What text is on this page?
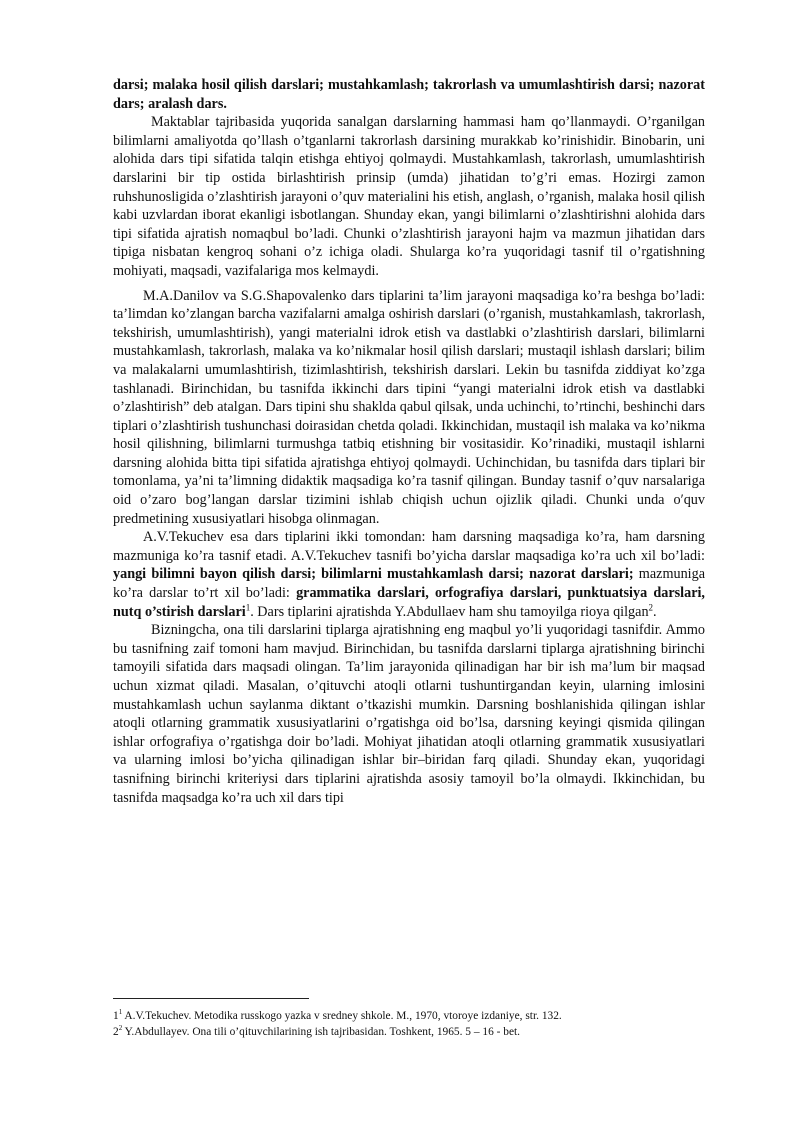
darsi; malaka hosil qilish darslari; mustahkamlash; takrorlash va umumlashtirish darsi; nazorat dars; aralash dars.

Maktablar tajribasida yuqorida sanalgan darslarning hammasi ham qo’llanmaydi. O’rganilgan bilimlarni amaliyotda qo’llash o’tganlarni takrorlash darsining murakkab ko’rinishidir. Binobarin, uni alohida dars tipi sifatida talqin etishga ehtiyoj qolmaydi. Mustahkamlash, takrorlash, umumlashtirish darslarini bir tip ostida birlashtirish prinsip (umda) jihatidan to’g’ri emas. Hozirgi zamon ruhshunosligida o’zlashtirish jarayoni o’quv materialini his etish, anglash, o’rganish, malaka hosil qilish kabi uzvlardan iborat ekanligi isbotlangan. Shunday ekan, yangi bilimlarni o’zlashtirishni alohida dars tipi sifatida ajratish nomaqbul bo’ladi. Chunki o’zlashtirish jarayoni hajm va mazmun jihatidan dars tipiga nisbatan kengroq sohani o’z ichiga oladi. Shularga ko’ra yuqoridagi tasnif til o’rgatishning mohiyati, maqsadi, vazifalariga mos kelmaydi.

M.A.Danilov va S.G.Shapovalenko dars tiplarini ta’lim jarayoni maqsadiga ko’ra beshga bo’ladi: ta’limdan ko’zlangan barcha vazifalarni amalga oshirish darslari (o’rganish, mustahkamlash, takrorlash, tekshirish, umumlashtirish), yangi materialni idrok etish va dastlabki o’zlashtirish darslari, bilimlarni mustahkamlash, takrorlash, malaka va ko’nikmalar hosil qilish darslari; mustaqil ishlash darslari; bilim va malakalarni umumlashtirish, tizimlashtirish, tekshirish darslari. Lekin bu tasnifda ziddiyat ko’zga tashlanadi. Birinchidan, bu tasnifda ikkinchi dars tipini “yangi materialni idrok etish va dastlabki o’zlashtirish” deb atalgan. Dars tipini shu shaklda qabul qilsak, unda uchinchi, to’rtinchi, beshinchi dars tiplari o’zlashtirish tushunchasi doirasidan chetda qoladi. Ikkinchidan, mustaqil ish malaka va ko’nikma hosil qilishning, bilimlarni turmushga tatbiq etishning bir vositasidir. Ko’rinadiki, mustaqil ishlarni darsning alohida bitta tipi sifatida ajratishga ehtiyoj qolmaydi. Uchinchidan, bu tasnifda dars tiplari bir tomonlama, ya’ni ta’limning didaktik maqsadiga ko’ra tasnif qilingan. Bunday tasnif o’quv narsalariga oid o’zaro bog’langan darslar tizimini ishlab chiqish uchun ojizlik qiladi. Chunki unda o′quv predmetining xususiyatlari hisobga olinmagan.

A.V.Tekuchev esa dars tiplarini ikki tomondan: ham darsning maqsadiga ko’ra, ham darsning mazmuniga ko’ra tasnif etadi. A.V.Tekuchev tasnifi bo’yicha darslar maqsadiga ko’ra uch xil bo’ladi: yangi bilimni bayon qilish darsi; bilimlarni mustahkamlash darsi; nazorat darslari; mazmuniga ko’ra darslar to’rt xil bo’ladi: grammatika darslari, orfografiya darslari, punktuatsiya darslari, nutq o’stirish darslari$^1$. Dars tiplarini ajratishda Y.Abdullaev ham shu tamoyilga rioya qilgan$^2$.

Bizningcha, ona tili darslarini tiplarga ajratishning eng maqbul yo’li yuqoridagi tasnifdir. Ammo bu tasnifning zaif tomoni ham mavjud. Birinchidan, bu tasnifda darslarni tiplarga ajratishning birinchi tamoyili sifatida dars maqsadi olingan. Ta’lim jarayonida qilinadigan har bir ish ma’lum bir maqsad uchun xizmat qiladi. Masalan, o’qituvchi atoqli otlarni tushuntirgandan keyin, ularning imlosini mustahkamlash uchun saylanma diktant o’tkazishi mumkin. Darsning boshlanishida qilingan ishlar atoqli otlarning grammatik xususiyatlarini o’rgatishga oid bo’lsa, darsning keyingi qismida qilingan ishlar orfografiya o’rgatishga doir bo’ladi. Mohiyat jihatidan atoqli otlarning grammatik xususiyatlari va ularning imlosi bo’yicha qilinadigan ishlar bir–biridan farq qiladi. Shunday ekan, yuqoridagi tasnifning birinchi kriteriysi dars tiplarini ajratishda asosiy tamoyil bo’la olmaydi. Ikkinchidan, bu tasnifda maqsadga ko’ra uch xil dars tipi

$1^1$ A.V.Tekuchev. Metodika russkogo yazka v sredney shkole. M., 1970, vtoroye izdaniye, str. 132.

$2^2$ Y.Abdullayev. Ona tili o’qituvchilarining ish tajribasidan. Toshkent, 1965. 5 – 16 - bet.
